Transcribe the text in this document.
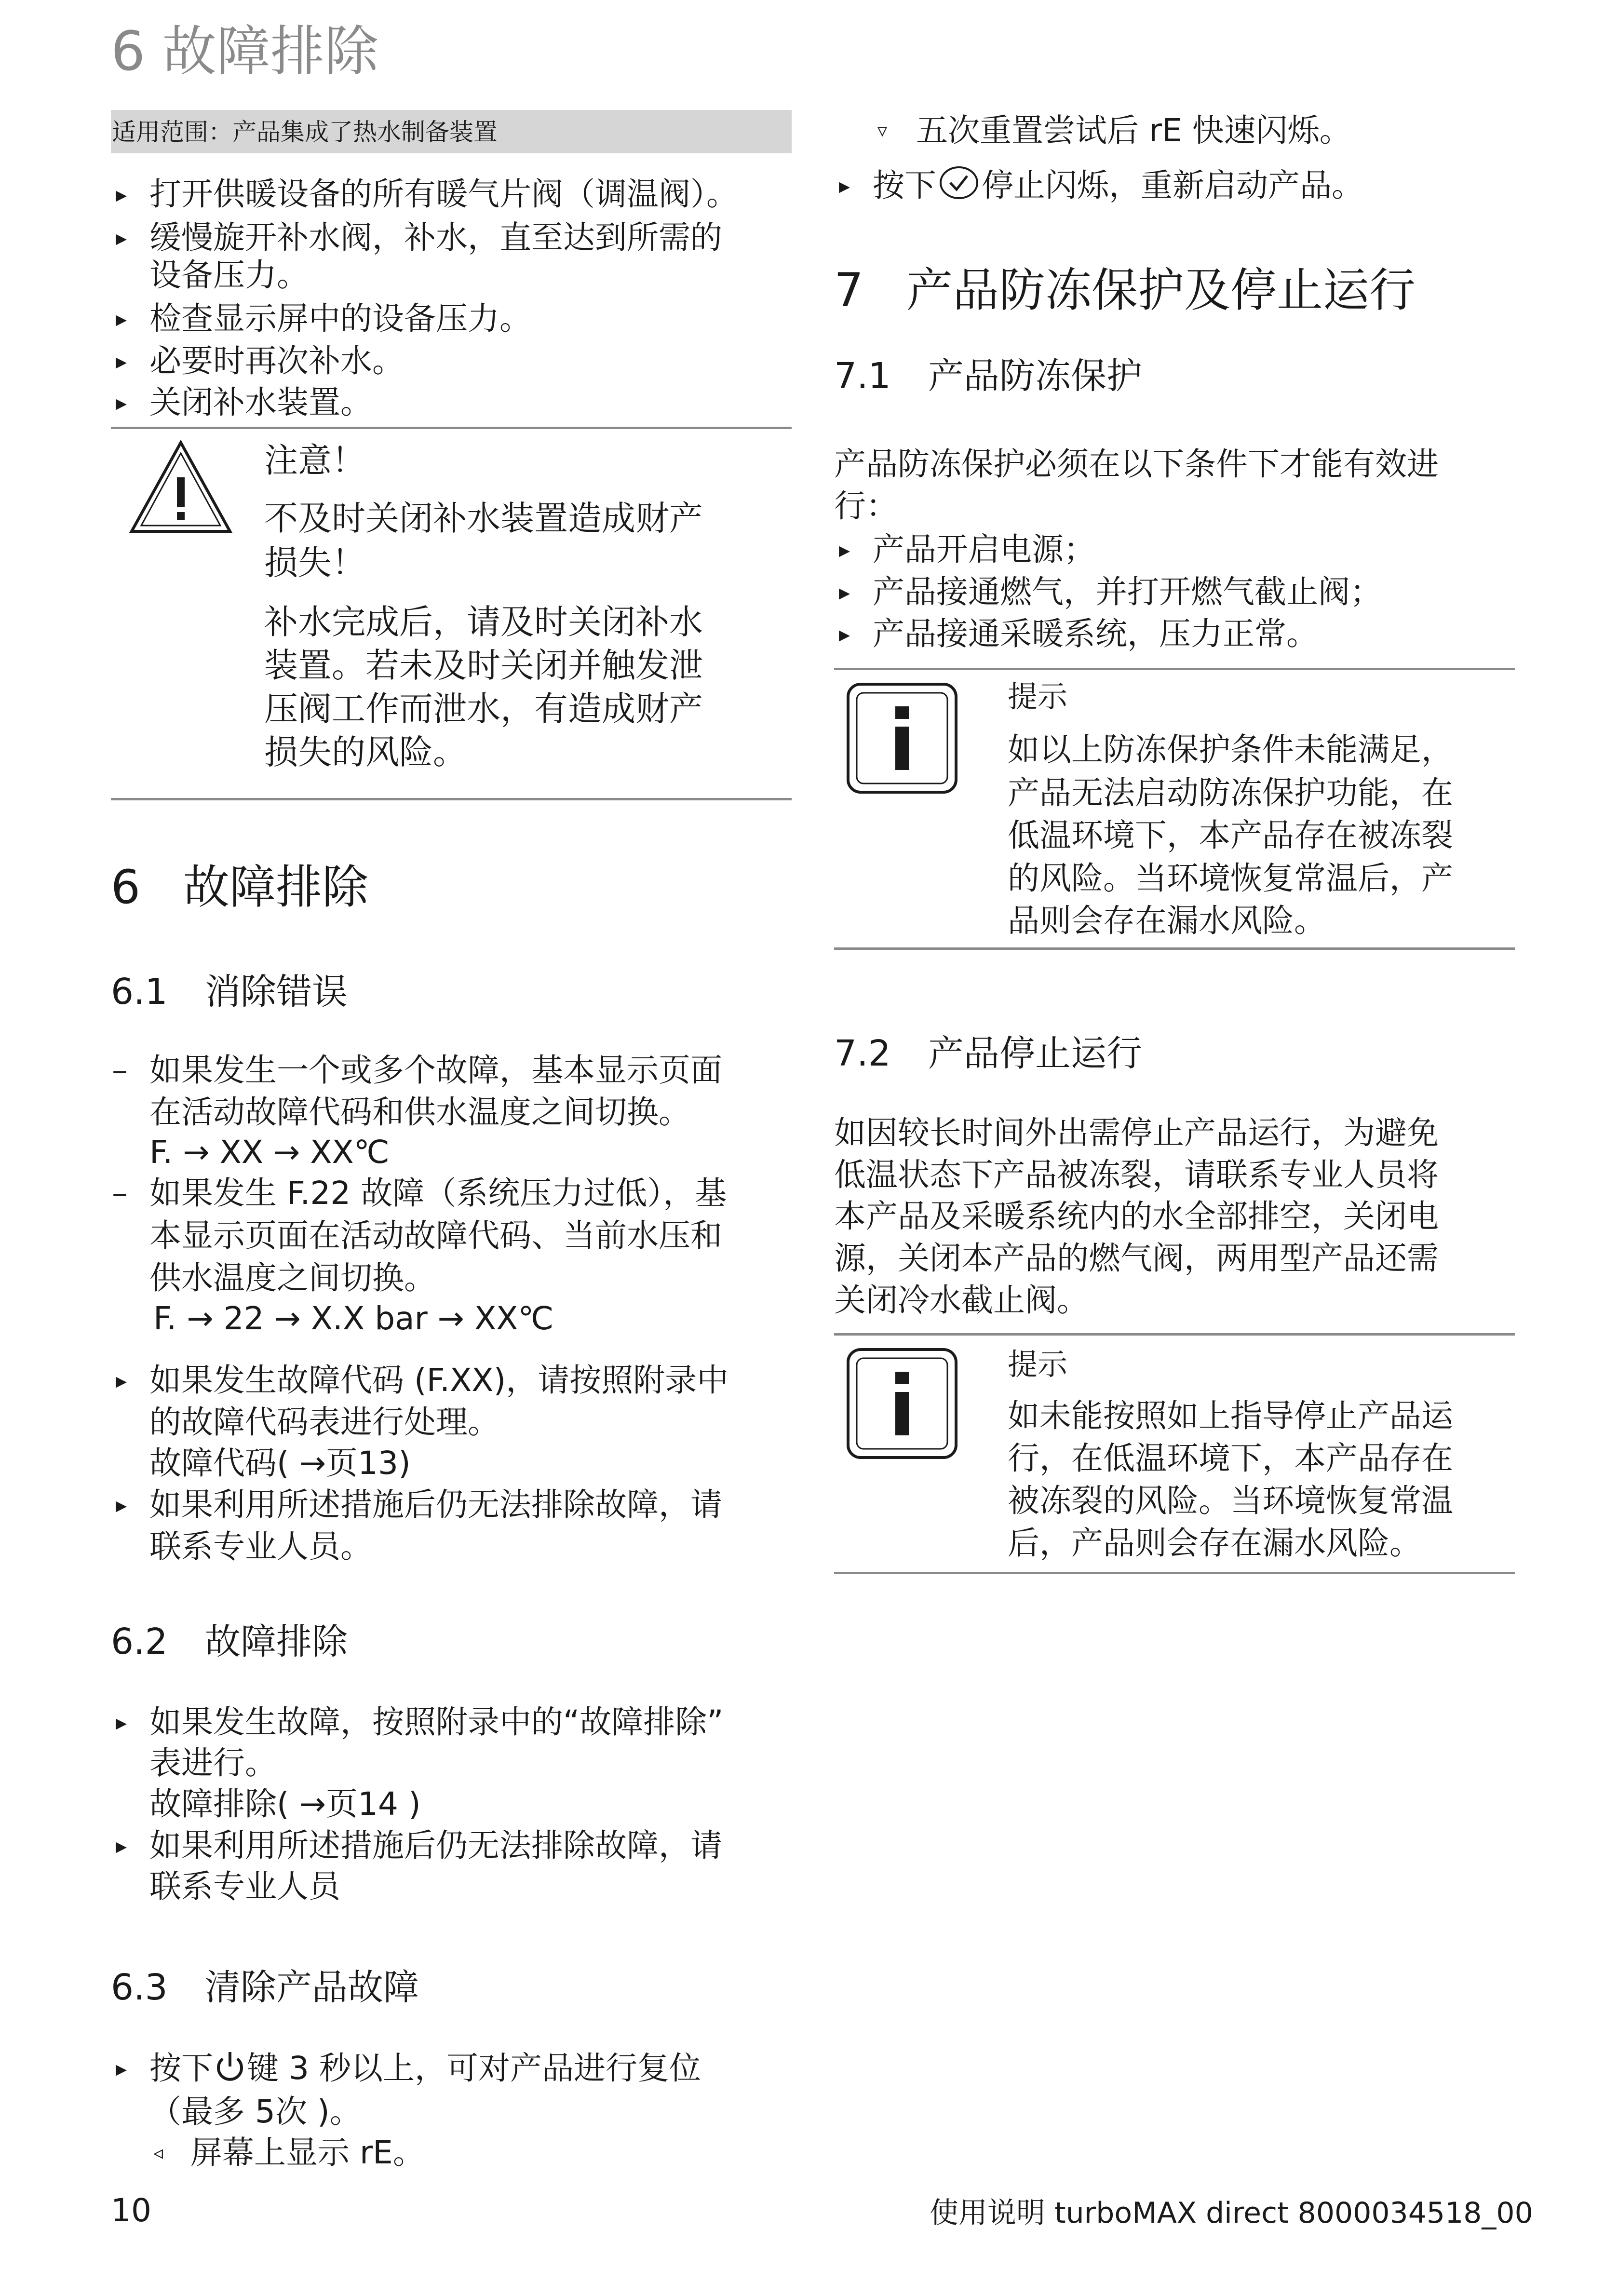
6 故障排除
适用范围：产品集成了热水制备装置
▸ 打开供暖设备的所有暖气片阀（调温阀）。
▸ 缓慢旋开补水阀，补水，直至达到所需的
设备压力。
▸ 检查显示屏中的设备压力。
▸ 必要时再次补水。
▸ 关闭补水装置。
注意！
不及时关闭补水装置造成财产
损失！
补水完成后，请及时关闭补水
装置。若未及时关闭并触发泄
压阀工作而泄水，有造成财产
损失的风险。
6 故障排除
6.1 消除错误
– 如果发生一个或多个故障，基本显示页面
在活动故障代码和供水温度之间切换。
F. → XX → XX℃
– 如果发生 F.22 故障（系统压力过低），基
本显示页面在活动故障代码、当前水压和
供水温度之间切换。
F. → 22 → X.X bar → XX℃
▸ 如果发生故障代码 (F.XX)，请按照附录中
的故障代码表进行处理。
故障代码( →页13)
▸ 如果利用所述措施后仍无法排除故障，请
联系专业人员。
6.2 故障排除
▸ 如果发生故障，按照附录中的“故障排除”
表进行。
故障排除( →页14 )
▸ 如果利用所述措施后仍无法排除故障，请
联系专业人员
6.3 清除产品故障
▸ 按下 键 3 秒以上，可对产品进行复位
（最多 5次 )。
◃ 屏幕上显示 rE。
▿ 五次重置尝试后 rE 快速闪烁。
▸ 按下 停止闪烁，重新启动产品。
7 产品防冻保护及停止运行
7.1 产品防冻保护
产品防冻保护必须在以下条件下才能有效进
行：
▸ 产品开启电源；
▸ 产品接通燃气，并打开燃气截止阀；
▸ 产品接通采暖系统，压力正常。
提示
如以上防冻保护条件未能满足，
产品无法启动防冻保护功能，在
低温环境下，本产品存在被冻裂
的风险。当环境恢复常温后，产
品则会存在漏水风险。
7.2 产品停止运行
如因较长时间外出需停止产品运行，为避免
低温状态下产品被冻裂，请联系专业人员将
本产品及采暖系统内的水全部排空，关闭电
源，关闭本产品的燃气阀，两用型产品还需
关闭冷水截止阀。
提示
如未能按照如上指导停止产品运
行，在低温环境下，本产品存在
被冻裂的风险。当环境恢复常温
后，产品则会存在漏水风险。
10	使用说明 turboMAX direct 8000034518_00
